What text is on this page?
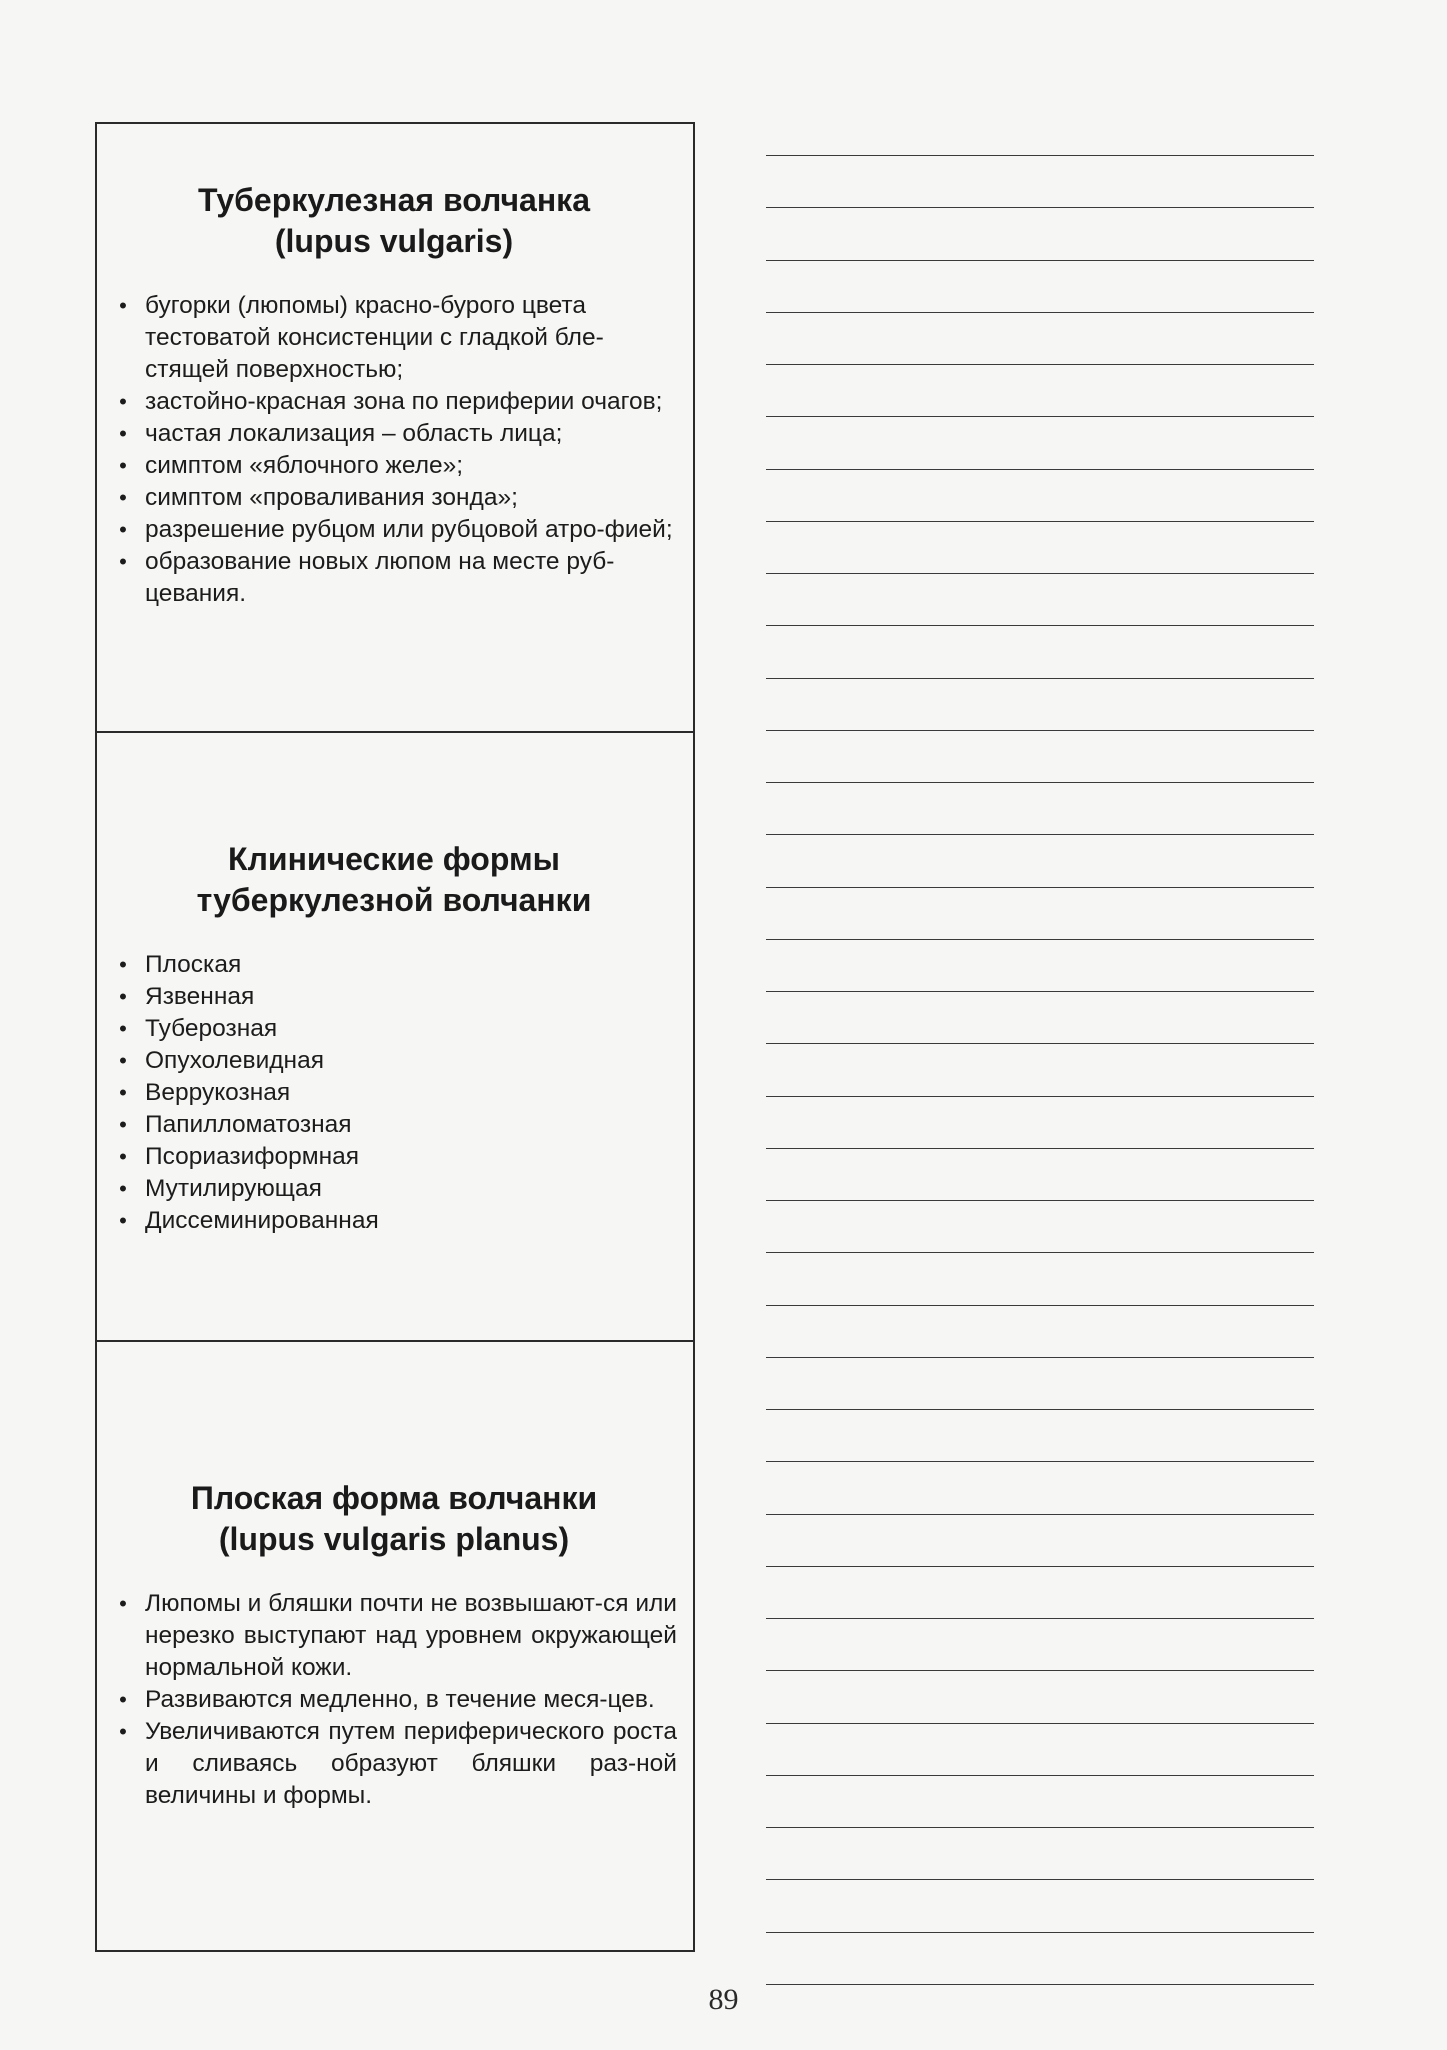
Туберкулезная волчанка
(lupus vulgaris)
• бугорки (люпомы) красно-бурого цвета тестоватой консистенции с гладкой бле-стящей поверхностью;
• застойно-красная зона по периферии очагов;
• частая локализация – область лица;
• симптом «яблочного желе»;
• симптом «проваливания зонда»;
• разрешение рубцом или рубцовой атро-фией;
• образование новых люпом на месте руб-цевания.
Клинические формы
туберкулезной волчанки
• Плоская
• Язвенная
• Туберозная
• Опухолевидная
• Веррукозная
• Папилломатозная
• Псориазиформная
• Мутилирующая
• Диссеминированная
Плоская форма волчанки
(lupus vulgaris planus)
• Люпомы и бляшки почти не возвышают-ся или нерезко выступают над уровнем окружающей нормальной кожи.
• Развиваются медленно, в течение меся-цев.
• Увеличиваются путем периферического роста и сливаясь образуют бляшки раз-ной величины и формы.
89
